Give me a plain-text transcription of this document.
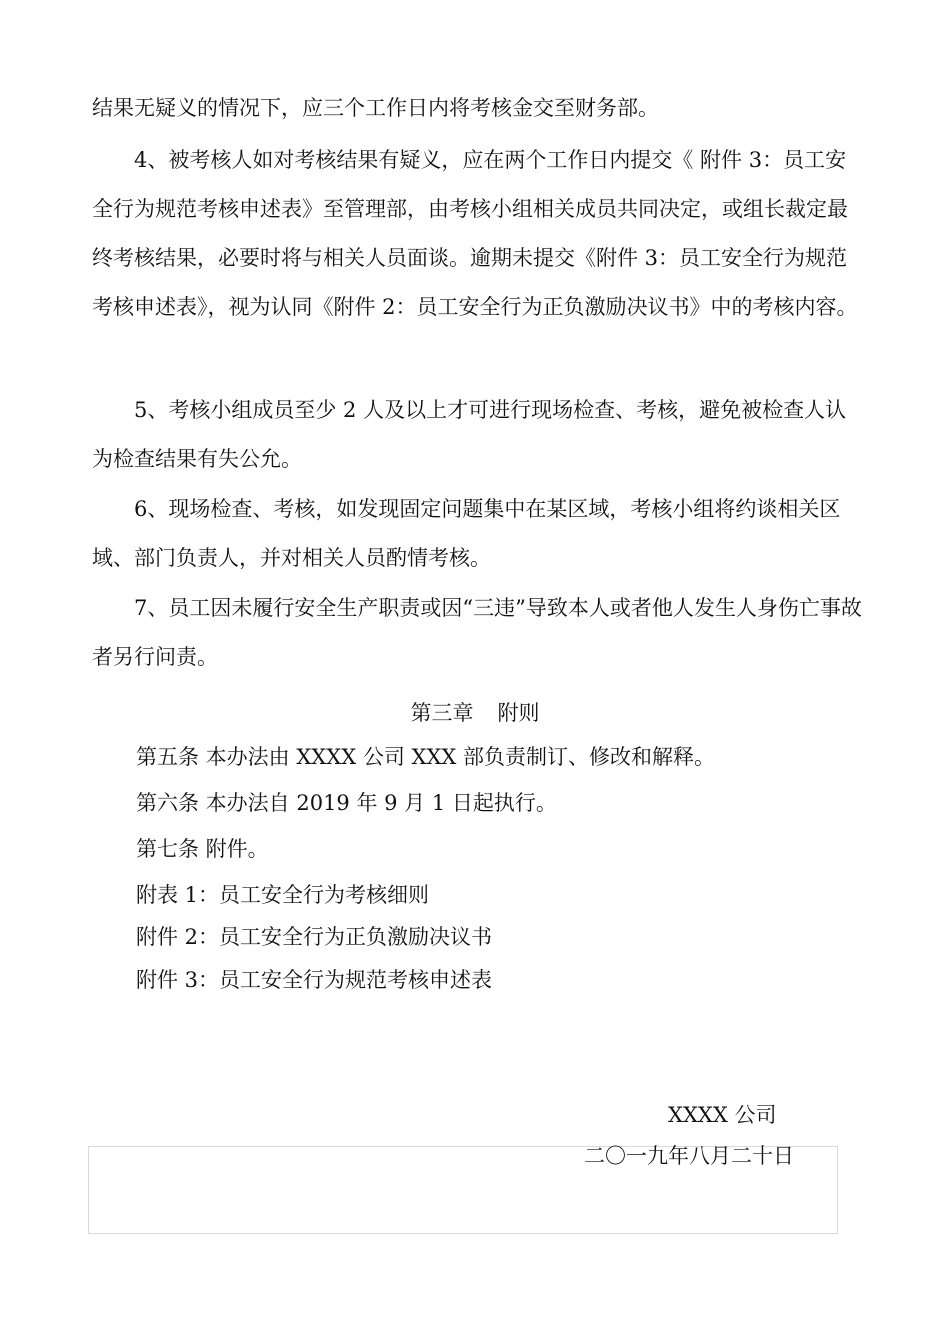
结果无疑义的情况下，应三个工作日内将考核金交至财务部。

4、被考核人如对考核结果有疑义，应在两个工作日内提交《 附件 3：员工安全行为规范考核申述表》至管理部，由考核小组相关成员共同决定，或组长裁定最终考核结果，必要时将与相关人员面谈。逾期未提交《附件 3：员工安全行为规范考核申述表》，视为认同《附件 2：员工安全行为正负激励决议书》中的考核内容。

5、考核小组成员至少 2 人及以上才可进行现场检查、考核，避免被检查人认为检查结果有失公允。

6、现场检查、考核，如发现固定问题集中在某区域，考核小组将约谈相关区域、部门负责人，并对相关人员酌情考核。

7、员工因未履行安全生产职责或因“三违”导致本人或者他人发生人身伤亡事故者另行问责。

第三章 附则
第五条 本办法由 XXXX 公司 XXX 部负责制订、修改和解释。
第六条 本办法自 2019 年 9 月 1 日起执行。
第七条 附件。
附表 1：员工安全行为考核细则
附件 2：员工安全行为正负激励决议书
附件 3：员工安全行为规范考核申述表
XXXX 公司
二〇一九年八月二十日
